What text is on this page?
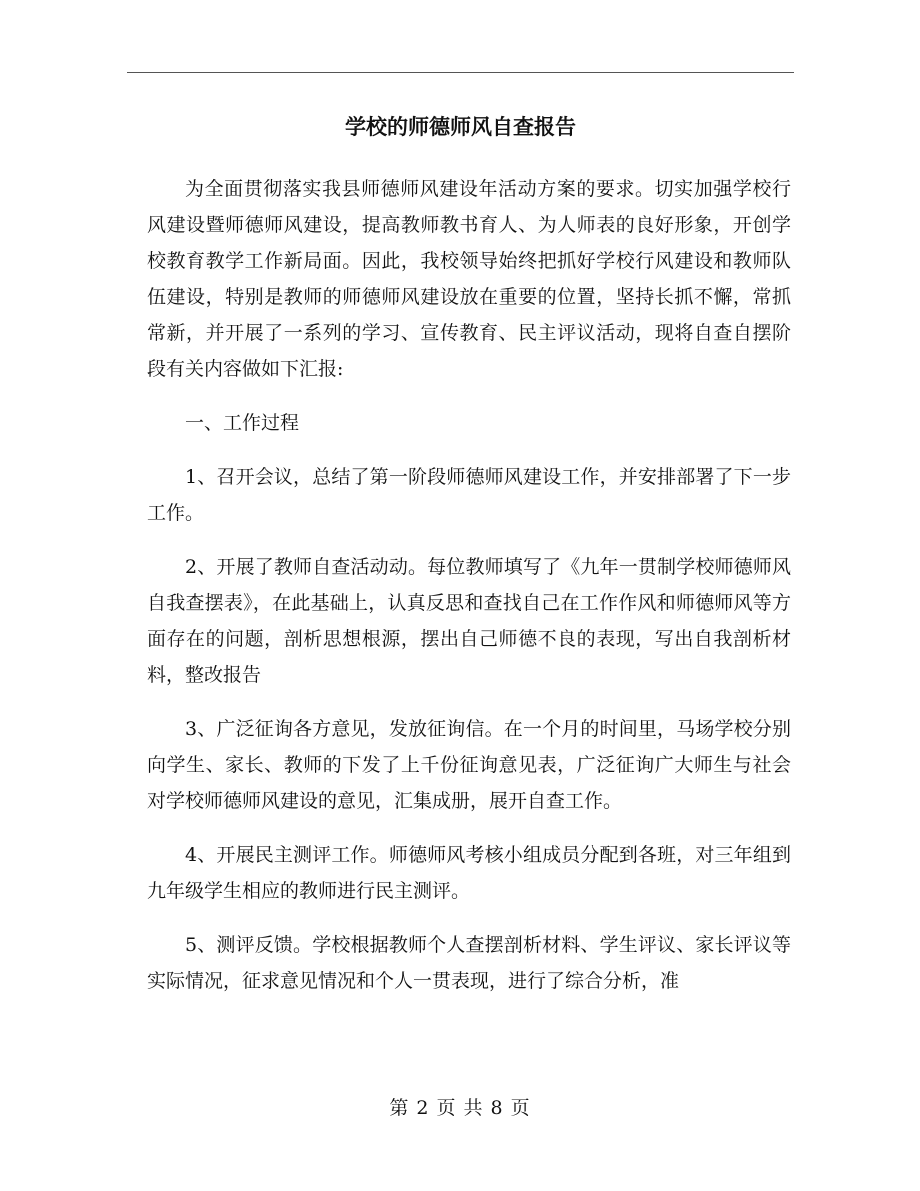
学校的师德师风自查报告

为全面贯彻落实我县师德师风建设年活动方案的要求。切实加强学校行风建设暨师德师风建设，提高教师教书育人、为人师表的良好形象，开创学校教育教学工作新局面。因此，我校领导始终把抓好学校行风建设和教师队伍建设，特别是教师的师德师风建设放在重要的位置，坚持长抓不懈，常抓常新，并开展了一系列的学习、宣传教育、民主评议活动，现将自查自摆阶段有关内容做如下汇报:

一、工作过程

1、召开会议，总结了第一阶段师德师风建设工作，并安排部署了下一步工作。

2、开展了教师自查活动动。每位教师填写了《九年一贯制学校师德师风自我查摆表》，在此基础上，认真反思和查找自己在工作作风和师德师风等方面存在的问题，剖析思想根源，摆出自己师德不良的表现，写出自我剖析材料，整改报告

3、广泛征询各方意见，发放征询信。在一个月的时间里，马场学校分别向学生、家长、教师的下发了上千份征询意见表，广泛征询广大师生与社会对学校师德师风建设的意见，汇集成册，展开自查工作。

4、开展民主测评工作。师德师风考核小组成员分配到各班，对三年组到九年级学生相应的教师进行民主测评。

5、测评反馈。学校根据教师个人查摆剖析材料、学生评议、家长评议等实际情况，征求意见情况和个人一贯表现，进行了综合分析，准

第 2 页 共 8 页
